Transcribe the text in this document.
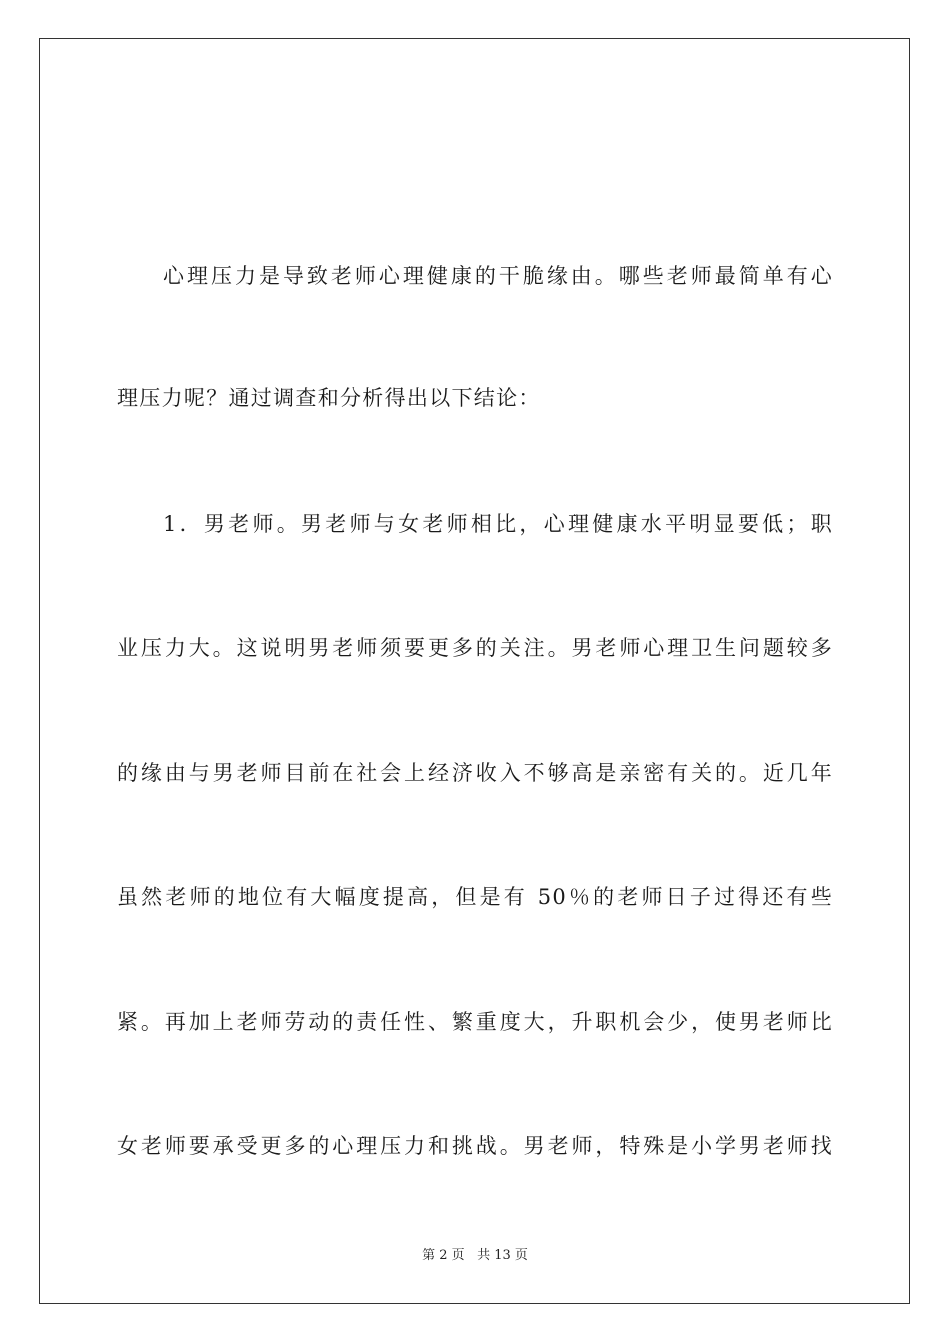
心理压力是导致老师心理健康的干脆缘由。哪些老师最简单有心
理压力呢？通过调查和分析得出以下结论：
1．男老师。男老师与女老师相比，心理健康水平明显要低；职
业压力大。这说明男老师须要更多的关注。男老师心理卫生问题较多
的缘由与男老师目前在社会上经济收入不够高是亲密有关的。近几年
虽然老师的地位有大幅度提高，但是有 50％的老师日子过得还有些
紧。再加上老师劳动的责任性、繁重度大，升职机会少，使男老师比
女老师要承受更多的心理压力和挑战。男老师，特殊是小学男老师找
第 2 页 共 13 页
